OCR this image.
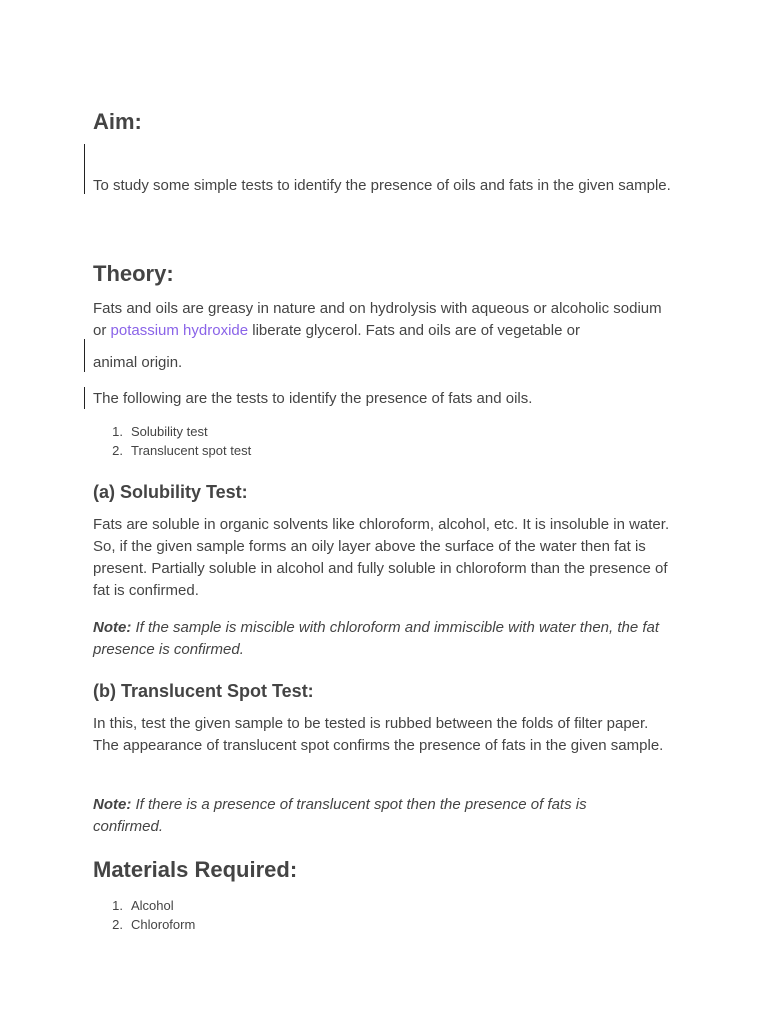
Aim:

To study some simple tests to identify the presence of oils and fats in the given sample.

Theory:

Fats and oils are greasy in nature and on hydrolysis with aqueous or alcoholic sodium or potassium hydroxide liberate glycerol. Fats and oils are of vegetable or

animal origin.

The following are the tests to identify the presence of fats and oils.

1. Solubility test
2. Translucent spot test
(a) Solubility Test:

Fats are soluble in organic solvents like chloroform, alcohol, etc. It is insoluble in water. So, if the given sample forms an oily layer above the surface of the water then fat is present. Partially soluble in alcohol and fully soluble in chloroform than the presence of fat is confirmed.

Note: If the sample is miscible with chloroform and immiscible with water then, the fat presence is confirmed.

(b) Translucent Spot Test:

In this, test the given sample to be tested is rubbed between the folds of filter paper. The appearance of translucent spot confirms the presence of fats in the given sample.

Note: If there is a presence of translucent spot then the presence of fats is confirmed.

Materials Required:
1. Alcohol
2. Chloroform
